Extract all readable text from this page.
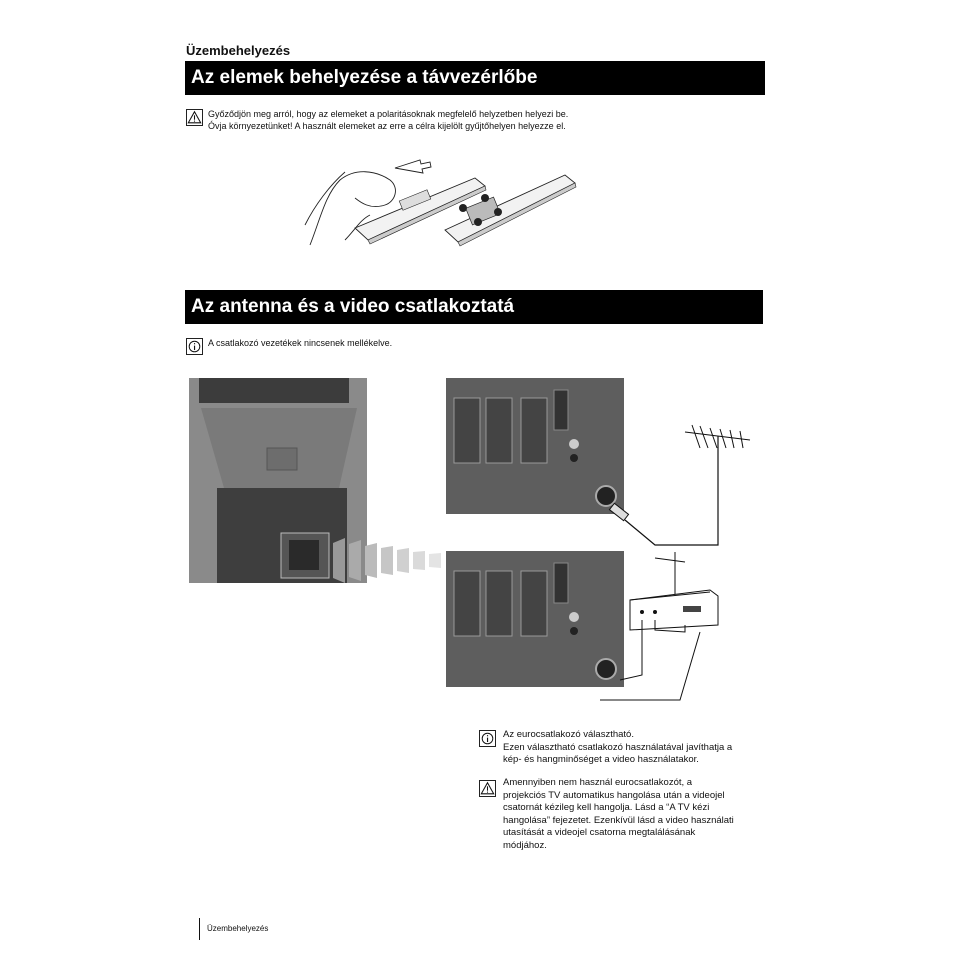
Üzembehelyezés
Az elemek behelyezése a távvezérlőbe
Győződjön meg arról, hogy az elemeket a polaritásoknak megfelelő helyzetben helyezi be.
Óvja környezetünket! A használt elemeket az erre a célra kijelölt gyűjtőhelyen helyezze el.
Az antenna és a video csatlakoztatá
A csatlakozó vezetékek nincsenek mellékelve.
Az eurocsatlakozó választható.
Ezen választható csatlakozó használatával javíthatja a
kép- és hangminőséget a video használatakor.
Amennyiben nem használ eurocsatlakozót, a
projekciós TV automatikus hangolása után a videojel
csatornát kézileg kell hangolja. Lásd a “A TV kézi
hangolása” fejezetet. Ezenkívül lásd a video használati
utasítását a videojel csatorna megtalálásának
módjához.
Üzembehelyezés
